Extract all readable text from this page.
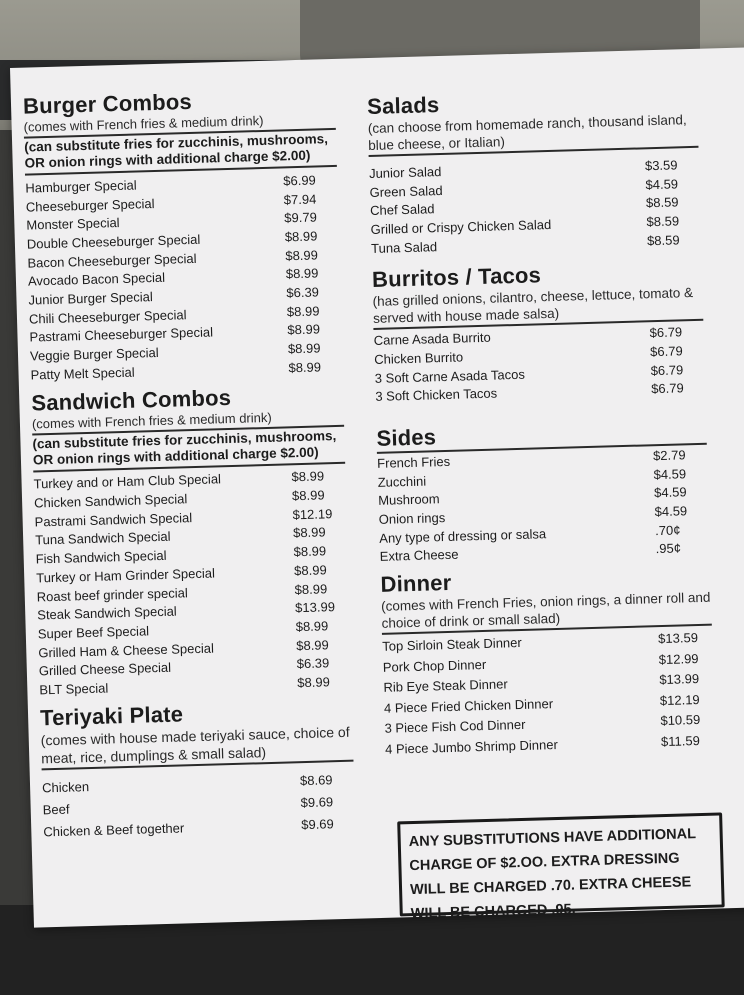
Burger Combos
(comes with French fries & medium drink)
(can substitute fries for zucchinis, mushrooms, OR onion rings with additional charge $2.00)
Hamburger Special	$6.99
Cheeseburger Special	$7.94
Monster Special	$9.79
Double Cheeseburger Special	$8.99
Bacon Cheeseburger Special	$8.99
Avocado Bacon Special	$8.99
Junior Burger Special	$6.39
Chili Cheeseburger Special	$8.99
Pastrami Cheeseburger Special	$8.99
Veggie Burger Special	$8.99
Patty Melt Special	$8.99
Sandwich Combos
(comes with French fries & medium drink)
(can substitute fries for zucchinis, mushrooms, OR onion rings with additional charge $2.00)
Turkey and or Ham Club Special	$8.99
Chicken Sandwich Special	$8.99
Pastrami Sandwich Special	$12.19
Tuna Sandwich Special	$8.99
Fish Sandwich Special	$8.99
Turkey or Ham Grinder Special	$8.99
Roast beef grinder special	$8.99
Steak Sandwich Special	$13.99
Super Beef Special	$8.99
Grilled Ham & Cheese Special	$8.99
Grilled Cheese Special	$6.39
BLT Special	$8.99
Teriyaki Plate
(comes with house made teriyaki sauce, choice of meat, rice, dumplings & small salad)
Chicken	$8.69
Beef	$9.69
Chicken & Beef together	$9.69
Salads
(can choose from homemade ranch, thousand island, blue cheese, or Italian)
Junior Salad	$3.59
Green Salad	$4.59
Chef Salad	$8.59
Grilled or Crispy Chicken Salad	$8.59
Tuna Salad	$8.59
Burritos / Tacos
(has grilled onions, cilantro, cheese, lettuce, tomato & served with house made salsa)
Carne Asada Burrito	$6.79
Chicken Burrito	$6.79
3 Soft Carne Asada Tacos	$6.79
3 Soft Chicken Tacos	$6.79
Sides
French Fries	$2.79
Zucchini	$4.59
Mushroom	$4.59
Onion rings	$4.59
Any type of dressing or salsa	.70¢
Extra Cheese	.95¢
Dinner
(comes with French Fries, onion rings, a dinner roll and choice of drink or small salad)
Top Sirloin Steak Dinner	$13.59
Pork Chop Dinner	$12.99
Rib Eye Steak Dinner	$13.99
4 Piece Fried Chicken Dinner	$12.19
3 Piece Fish Cod Dinner	$10.59
4 Piece Jumbo Shrimp Dinner	$11.59
ANY SUBSTITUTIONS HAVE ADDITIONAL CHARGE OF $2.OO. EXTRA DRESSING WILL BE CHARGED .70. EXTRA CHEESE WILL BE CHARGED .95.
